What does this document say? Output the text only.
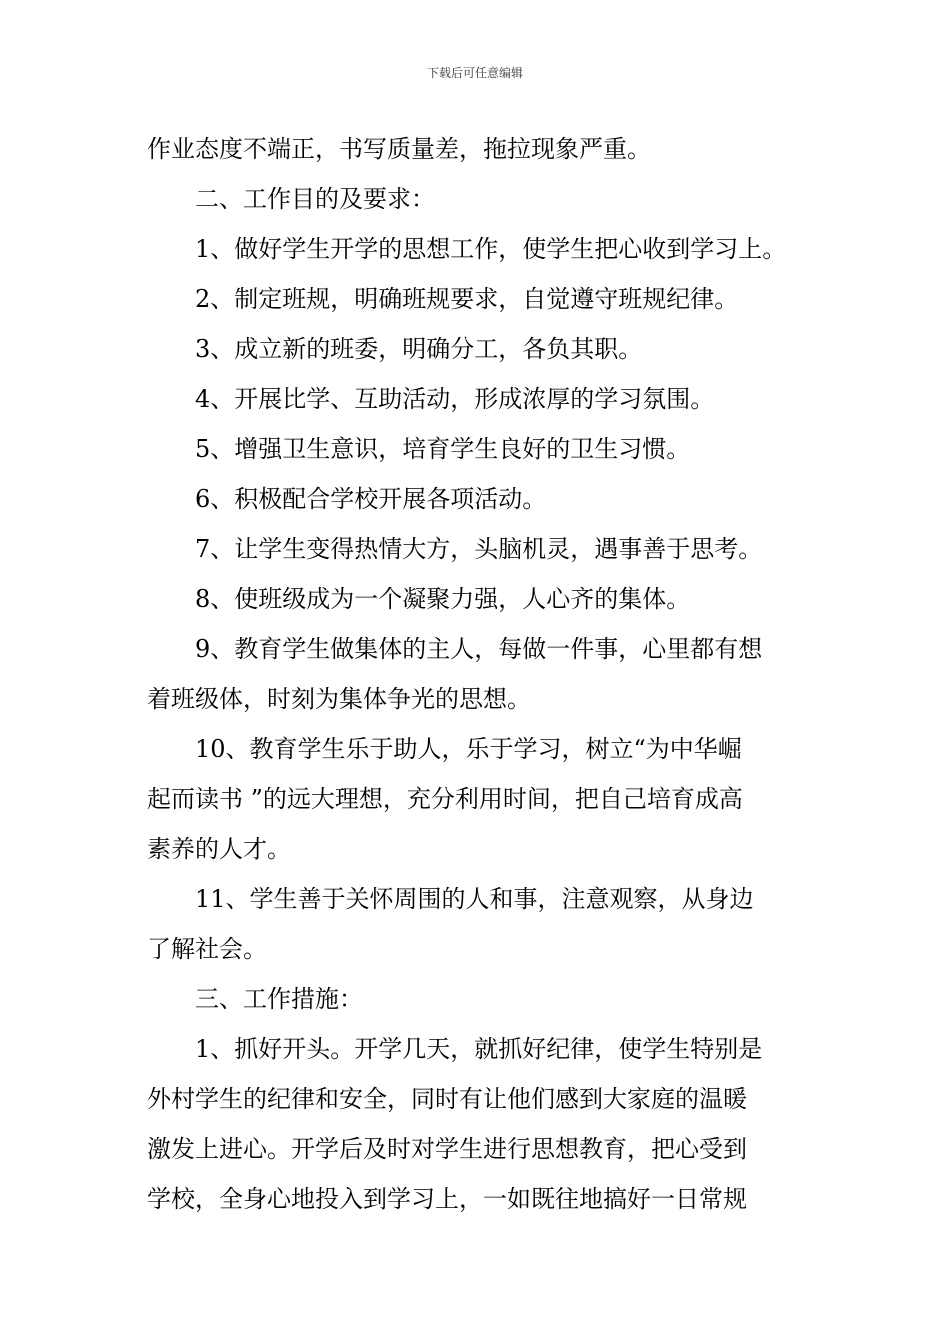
下载后可任意编辑
作业态度不端正，书写质量差，拖拉现象严重。
二、工作目的及要求：
1、做好学生开学的思想工作，使学生把心收到学习上。
2、制定班规，明确班规要求，自觉遵守班规纪律。
3、成立新的班委，明确分工，各负其职。
4、开展比学、互助活动，形成浓厚的学习氛围。
5、增强卫生意识，培育学生良好的卫生习惯。
6、积极配合学校开展各项活动。
7、让学生变得热情大方，头脑机灵，遇事善于思考。
8、使班级成为一个凝聚力强，人心齐的集体。
9、教育学生做集体的主人，每做一件事，心里都有想
着班级体，时刻为集体争光的思想。
10、教育学生乐于助人，乐于学习，树立“为中华崛
起而读书 ”的远大理想，充分利用时间，把自己培育成高
素养的人才。
11、学生善于关怀周围的人和事，注意观察，从身边
了解社会。
三、工作措施：
1、抓好开头。开学几天，就抓好纪律，使学生特别是
外村学生的纪律和安全，同时有让他们感到大家庭的温暖
激发上进心。开学后及时对学生进行思想教育，把心受到
学校，全身心地投入到学习上，一如既往地搞好一日常规
